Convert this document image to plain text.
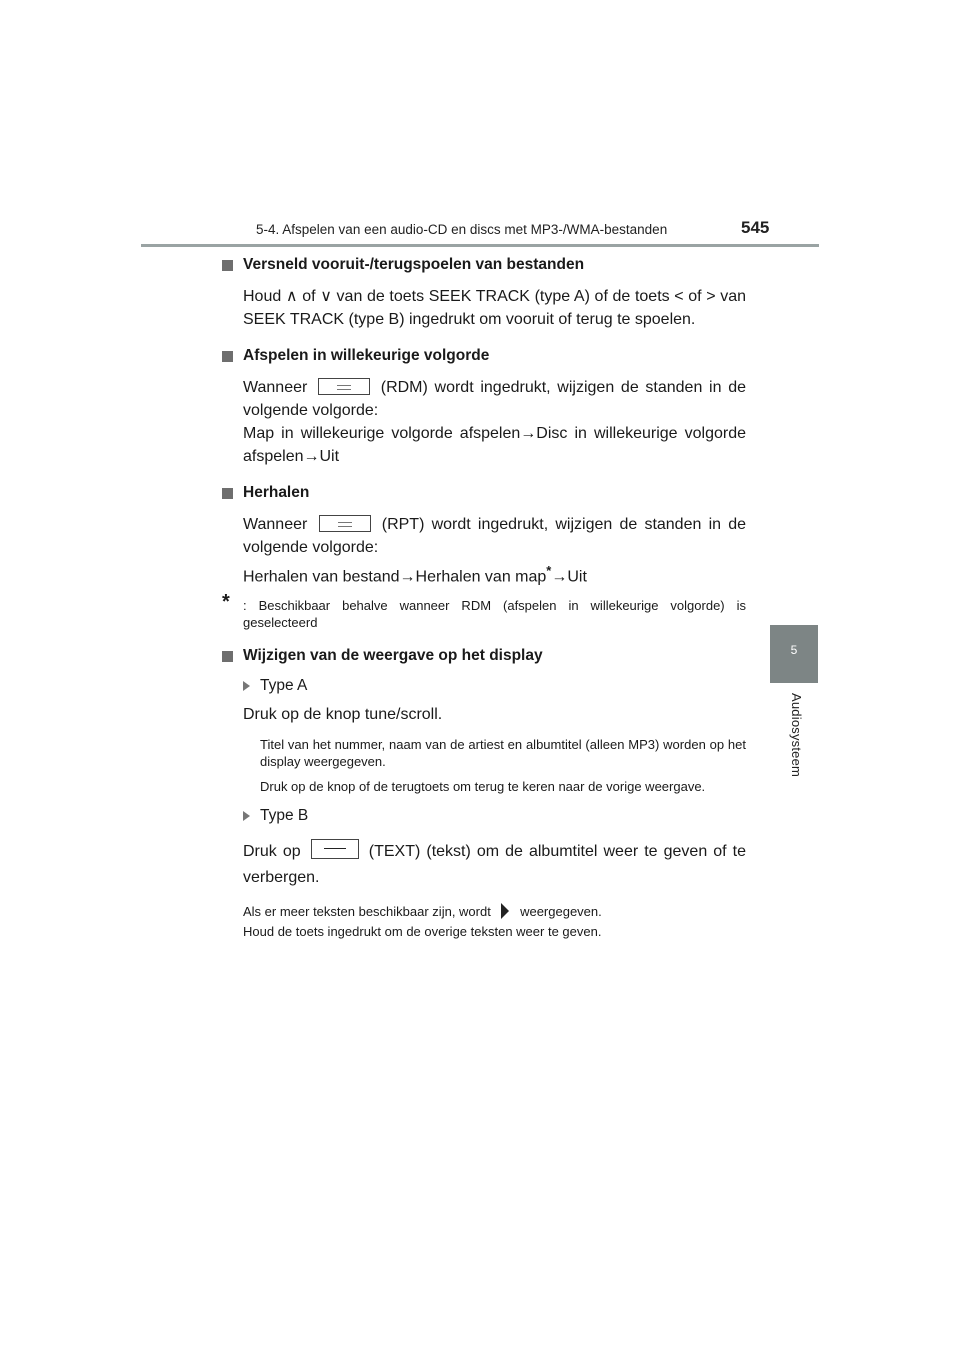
5-4. Afspelen van een audio-CD en discs met MP3-/WMA-bestanden	545
5
Audiosysteem
Versneld vooruit-/terugspoelen van bestanden
Houd ∧ of ∨ van de toets SEEK TRACK (type A) of de toets < of > van SEEK TRACK (type B) ingedrukt om vooruit of terug te spoelen.
Afspelen in willekeurige volgorde
Wanneer	(RDM) wordt ingedrukt, wijzigen de standen in de volgende volgorde:
Map in willekeurige volgorde afspelen→Disc in willekeurige volgorde afspelen→Uit
Herhalen
Wanneer	(RPT) wordt ingedrukt, wijzigen de standen in de volgende volgorde:
Herhalen van bestand→Herhalen van map*→Uit
* : Beschikbaar behalve wanneer RDM (afspelen in willekeurige volgorde) is geselecteerd
Wijzigen van de weergave op het display
Type A
Druk op de knop tune/scroll.
Titel van het nummer, naam van de artiest en albumtitel (alleen MP3) worden op het display weergegeven.
Druk op de knop of de terugtoets om terug te keren naar de vorige weergave.
Type B
Druk op	(TEXT) (tekst) om de albumtitel weer te geven of te verbergen.
Als er meer teksten beschikbaar zijn, wordt weergegeven.
Houd de toets ingedrukt om de overige teksten weer te geven.
